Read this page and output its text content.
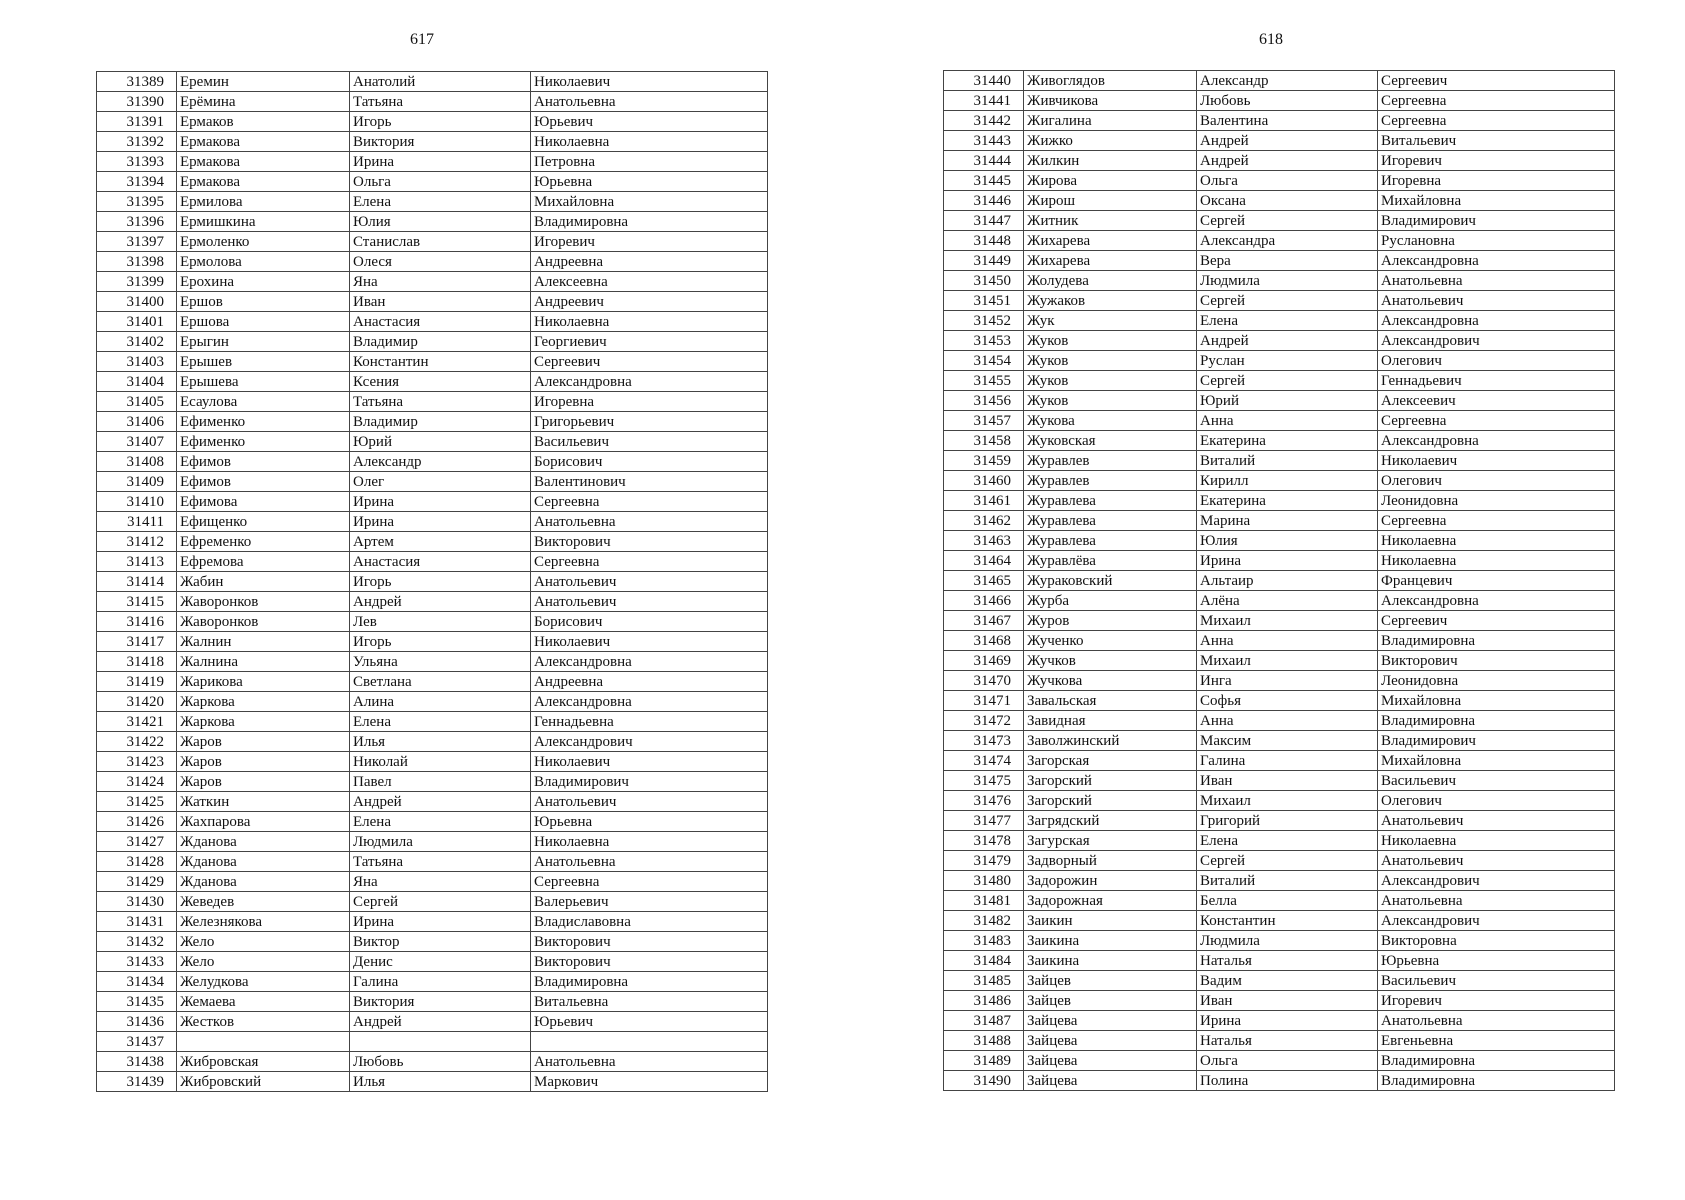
617	618
31389	Еремин	Анатолий	Николаевич
31390	Ерёмина	Татьяна	Анатольевна
31391	Ермаков	Игорь	Юрьевич
31392	Ермакова	Виктория	Николаевна
31393	Ермакова	Ирина	Петровна
31394	Ермакова	Ольга	Юрьевна
31395	Ермилова	Елена	Михайловна
31396	Ермишкина	Юлия	Владимировна
31397	Ермоленко	Станислав	Игоревич
31398	Ермолова	Олеся	Андреевна
31399	Ерохина	Яна	Алексеевна
31400	Ершов	Иван	Андреевич
31401	Ершова	Анастасия	Николаевна
31402	Ерыгин	Владимир	Георгиевич
31403	Ерышев	Константин	Сергеевич
31404	Ерышева	Ксения	Александровна
31405	Есаулова	Татьяна	Игоревна
31406	Ефименко	Владимир	Григорьевич
31407	Ефименко	Юрий	Васильевич
31408	Ефимов	Александр	Борисович
31409	Ефимов	Олег	Валентинович
31410	Ефимова	Ирина	Сергеевна
31411	Ефищенко	Ирина	Анатольевна
31412	Ефременко	Артем	Викторович
31413	Ефремова	Анастасия	Сергеевна
31414	Жабин	Игорь	Анатольевич
31415	Жаворонков	Андрей	Анатольевич
31416	Жаворонков	Лев	Борисович
31417	Жалнин	Игорь	Николаевич
31418	Жалнина	Ульяна	Александровна
31419	Жарикова	Светлана	Андреевна
31420	Жаркова	Алина	Александровна
31421	Жаркова	Елена	Геннадьевна
31422	Жаров	Илья	Александрович
31423	Жаров	Николай	Николаевич
31424	Жаров	Павел	Владимирович
31425	Жаткин	Андрей	Анатольевич
31426	Жахпарова	Елена	Юрьевна
31427	Жданова	Людмила	Николаевна
31428	Жданова	Татьяна	Анатольевна
31429	Жданова	Яна	Сергеевна
31430	Жеведев	Сергей	Валерьевич
31431	Железнякова	Ирина	Владиславовна
31432	Жело	Виктор	Викторович
31433	Жело	Денис	Викторович
31434	Желудкова	Галина	Владимировна
31435	Жемаева	Виктория	Витальевна
31436	Жестков	Андрей	Юрьевич
31437			
31438	Жибровская	Любовь	Анатольевна
31439	Жибровский	Илья	Маркович
31440	Живоглядов	Александр	Сергеевич
31441	Живчикова	Любовь	Сергеевна
31442	Жигалина	Валентина	Сергеевна
31443	Жижко	Андрей	Витальевич
31444	Жилкин	Андрей	Игоревич
31445	Жирова	Ольга	Игоревна
31446	Жирош	Оксана	Михайловна
31447	Житник	Сергей	Владимирович
31448	Жихарева	Александра	Руслановна
31449	Жихарева	Вера	Александровна
31450	Жолудева	Людмила	Анатольевна
31451	Жужаков	Сергей	Анатольевич
31452	Жук	Елена	Александровна
31453	Жуков	Андрей	Александрович
31454	Жуков	Руслан	Олегович
31455	Жуков	Сергей	Геннадьевич
31456	Жуков	Юрий	Алексеевич
31457	Жукова	Анна	Сергеевна
31458	Жуковская	Екатерина	Александровна
31459	Журавлев	Виталий	Николаевич
31460	Журавлев	Кирилл	Олегович
31461	Журавлева	Екатерина	Леонидовна
31462	Журавлева	Марина	Сергеевна
31463	Журавлева	Юлия	Николаевна
31464	Журавлёва	Ирина	Николаевна
31465	Жураковский	Альтаир	Францевич
31466	Журба	Алёна	Александровна
31467	Журов	Михаил	Сергеевич
31468	Жученко	Анна	Владимировна
31469	Жучков	Михаил	Викторович
31470	Жучкова	Инга	Леонидовна
31471	Завальская	Софья	Михайловна
31472	Завидная	Анна	Владимировна
31473	Заволжинский	Максим	Владимирович
31474	Загорская	Галина	Михайловна
31475	Загорский	Иван	Васильевич
31476	Загорский	Михаил	Олегович
31477	Загрядский	Григорий	Анатольевич
31478	Загурская	Елена	Николаевна
31479	Задворный	Сергей	Анатольевич
31480	Задорожин	Виталий	Александрович
31481	Задорожная	Белла	Анатольевна
31482	Заикин	Константин	Александрович
31483	Заикина	Людмила	Викторовна
31484	Заикина	Наталья	Юрьевна
31485	Зайцев	Вадим	Васильевич
31486	Зайцев	Иван	Игоревич
31487	Зайцева	Ирина	Анатольевна
31488	Зайцева	Наталья	Евгеньевна
31489	Зайцева	Ольга	Владимировна
31490	Зайцева	Полина	Владимировна
